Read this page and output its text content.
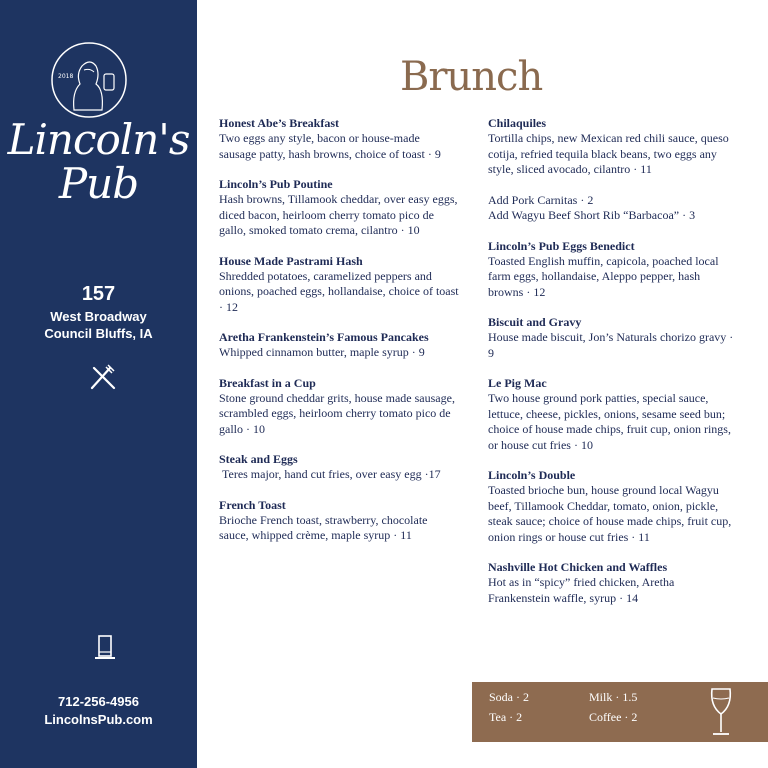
2018
Lincoln's
Pub
157
West Broadway
Council Bluffs, IA
712-256-4956
LincolnsPub.com
Brunch
Honest Abe’s Breakfast
Two eggs any style, bacon or house-made sausage patty, hash browns, choice of toast · 9
Lincoln’s Pub Poutine
Hash browns, Tillamook cheddar, over easy eggs, diced bacon, heirloom cherry tomato pico de gallo, smoked tomato crema, cilantro · 10
House Made Pastrami Hash
Shredded potatoes, caramelized peppers and onions, poached eggs, hollandaise, choice of toast · 12
Aretha Frankenstein’s Famous Pancakes
Whipped cinnamon butter, maple syrup · 9
Breakfast in a Cup
Stone ground cheddar grits, house made sausage, scrambled eggs, heirloom cherry tomato pico de gallo · 10
Steak and Eggs
Teres major, hand cut fries, over easy egg ·17
French Toast
Brioche French toast, strawberry, chocolate sauce, whipped crème, maple syrup · 11
Chilaquiles
Tortilla chips, new Mexican red chili sauce, queso cotija, refried tequila black beans, two eggs any style, sliced avocado, cilantro · 11
Add Pork Carnitas · 2
Add Wagyu Beef Short Rib “Barbacoa” · 3
Lincoln’s Pub Eggs Benedict
Toasted English muffin, capicola, poached local farm eggs, hollandaise, Aleppo pepper, hash browns · 12
Biscuit and Gravy
House made biscuit, Jon’s Naturals chorizo gravy · 9
Le Pig Mac
Two house ground pork patties, special sauce, lettuce, cheese, pickles, onions, sesame seed bun; choice of house made chips, fruit cup, onion rings, or house cut fries · 10
Lincoln’s Double
Toasted brioche bun, house ground local Wagyu beef, Tillamook Cheddar, tomato, onion, pickle, steak sauce; choice of house made chips, fruit cup, onion rings or house cut fries · 11
Nashville Hot Chicken and Waffles
Hot as in “spicy” fried chicken, Aretha Frankenstein waffle, syrup · 14
Soda · 2	Milk · 1.5
Tea · 2	Coffee · 2
